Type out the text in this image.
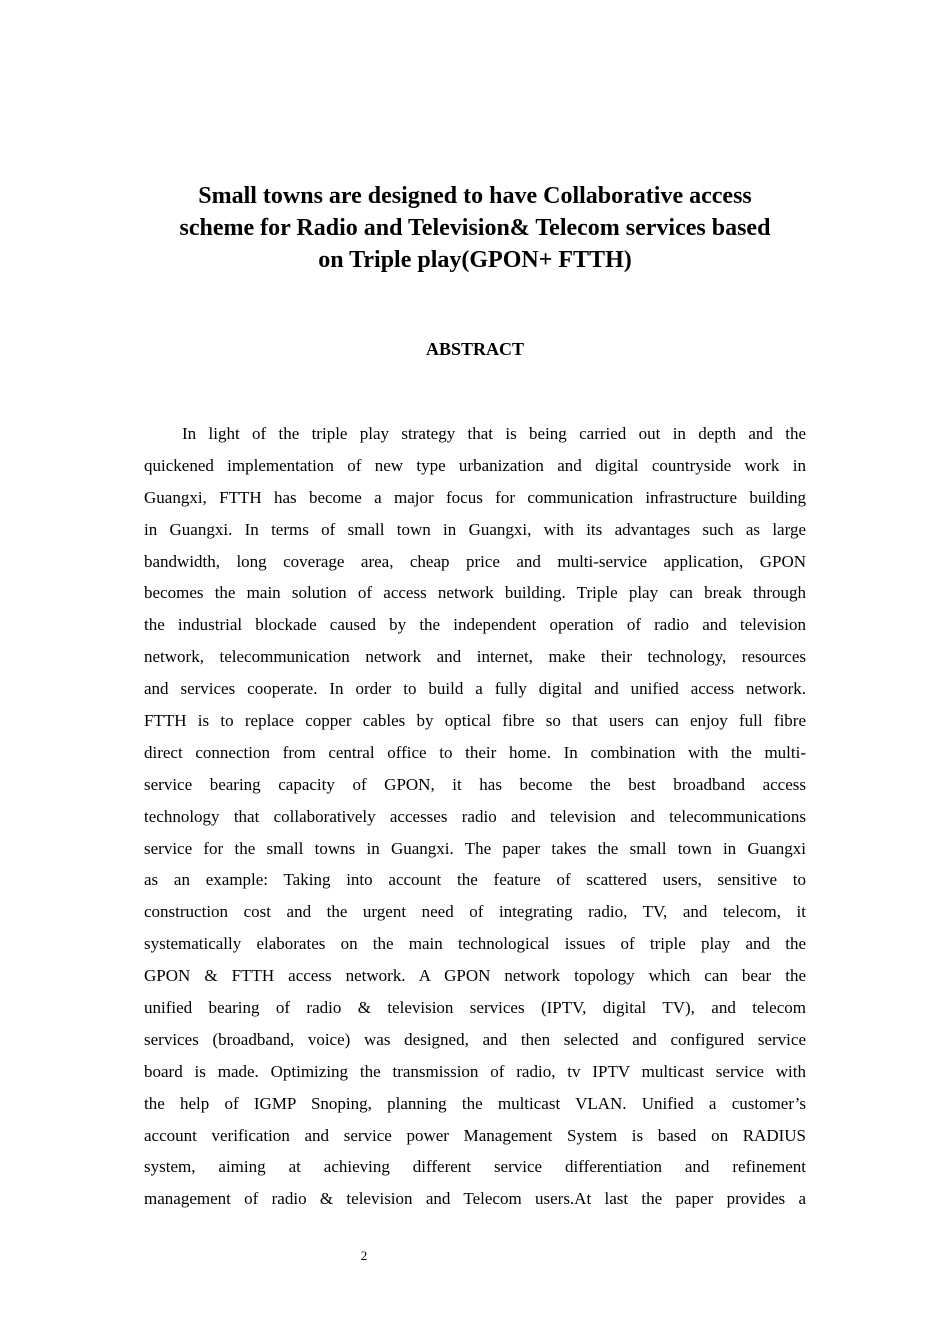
Small towns are designed to have Collaborative access
scheme for Radio and Television& Telecom services based
on Triple play(GPON+ FTTH)
ABSTRACT
In light of the triple play strategy that is being carried out in depth and the
quickened implementation of new type urbanization and digital countryside work in
Guangxi, FTTH has become a major focus for communication infrastructure building
in Guangxi. In terms of small town in Guangxi, with its advantages such as large
bandwidth, long coverage area, cheap price and multi-service application, GPON
becomes the main solution of access network building. Triple play can break through
the industrial blockade caused by the independent operation of radio and television
network, telecommunication network and internet, make their technology, resources
and services cooperate. In order to build a fully digital and unified access network.
FTTH is to replace copper cables by optical fibre so that users can enjoy full fibre
direct connection from central office to their home. In combination with the multi-
service bearing capacity of GPON, it has become the best broadband access
technology that collaboratively accesses radio and television and telecommunications
service for the small towns in Guangxi. The paper takes the small town in Guangxi
as an example: Taking into account the feature of scattered users, sensitive to
construction cost and the urgent need of integrating radio, TV, and telecom, it
systematically elaborates on the main technological issues of triple play and the
GPON & FTTH access network. A GPON network topology which can bear the
unified bearing of radio & television services (IPTV, digital TV), and telecom
services (broadband, voice) was designed, and then selected and configured service
board is made. Optimizing the transmission of radio, tv IPTV multicast service with
the help of IGMP Snoping, planning the multicast VLAN. Unified a customer’s
account verification and service power Management System is based on RADIUS
system, aiming at achieving different service differentiation and refinement
management of radio & television and Telecom users.At last the paper provides a
2
